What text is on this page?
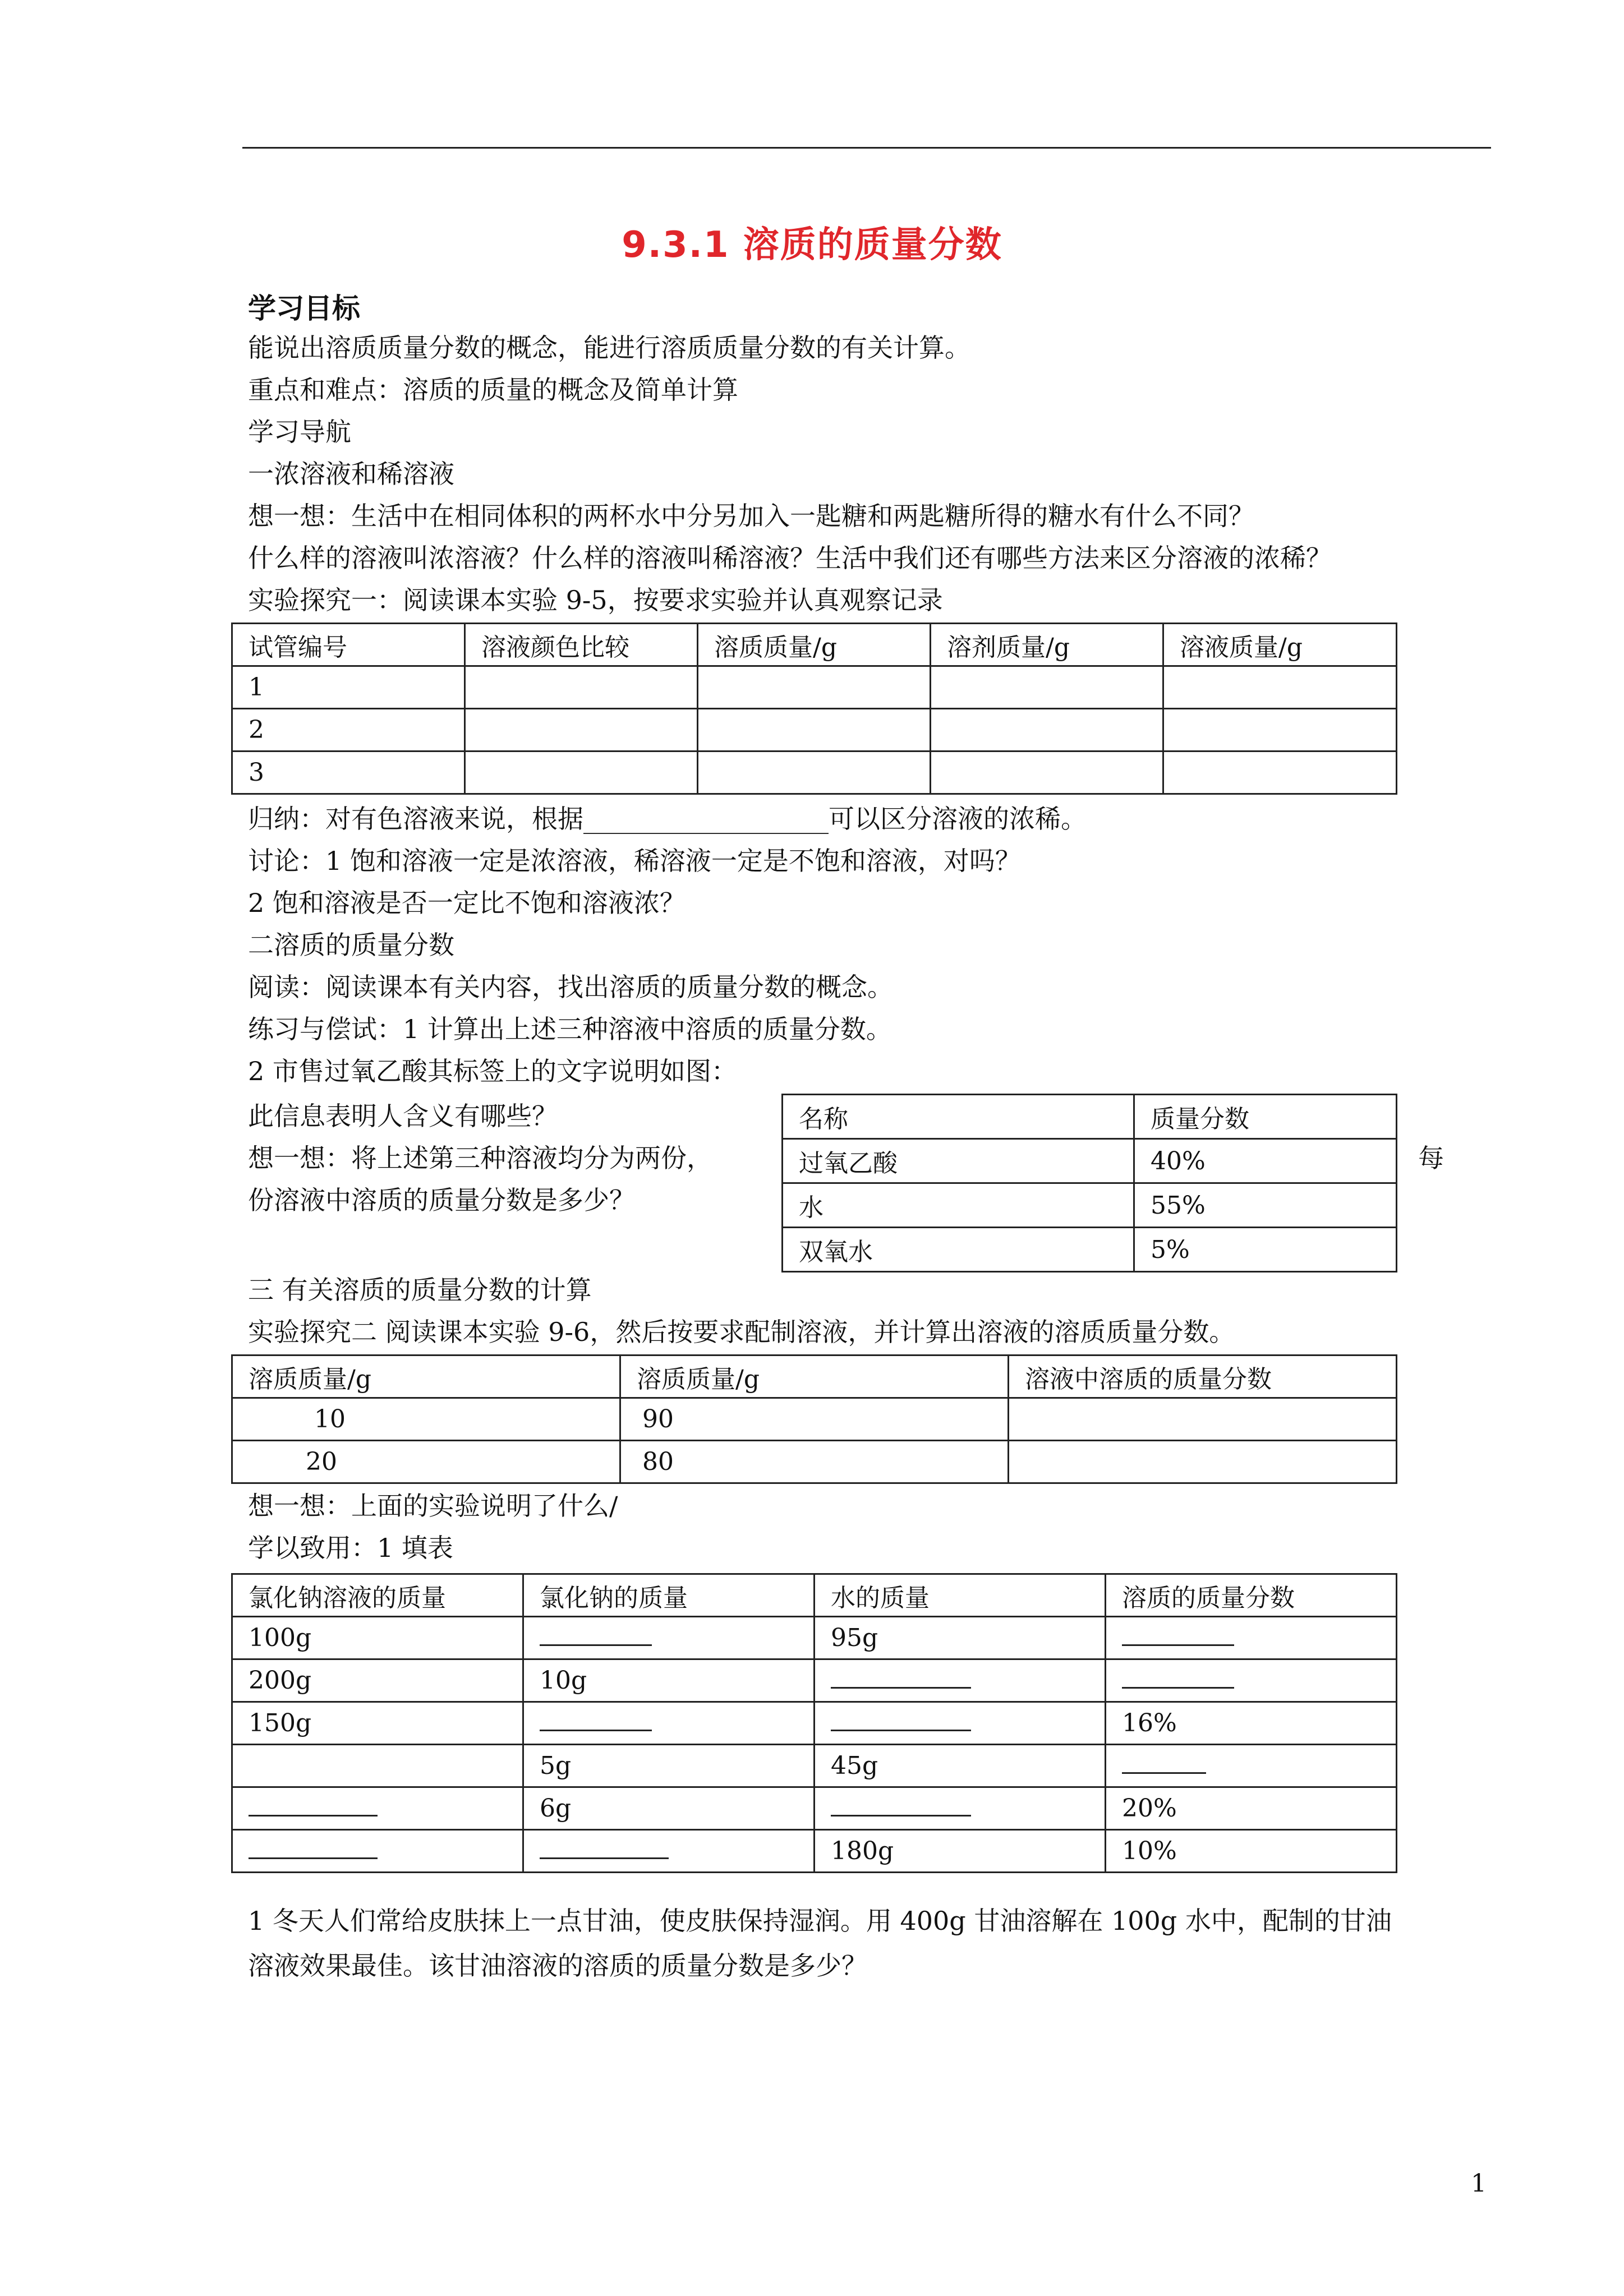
9.3.1 溶质的质量分数
学习目标
能说出溶质质量分数的概念，能进行溶质质量分数的有关计算。
重点和难点：溶质的质量的概念及简单计算
学习导航
一浓溶液和稀溶液
想一想：生活中在相同体积的两杯水中分另加入一匙糖和两匙糖所得的糖水有什么不同？
什么样的溶液叫浓溶液？什么样的溶液叫稀溶液？生活中我们还有哪些方法来区分溶液的浓稀？
实验探究一：阅读课本实验 9-5，按要求实验并认真观察记录
试管编号	溶液颜色比较	溶质质量/g	溶剂质量/g	溶液质量/g
1				
2				
3				
归纳：对有色溶液来说，根据___________________可以区分溶液的浓稀。
讨论：1 饱和溶液一定是浓溶液，稀溶液一定是不饱和溶液，对吗？
2 饱和溶液是否一定比不饱和溶液浓？
二溶质的质量分数
阅读：阅读课本有关内容，找出溶质的质量分数的概念。
练习与偿试：1 计算出上述三种溶液中溶质的质量分数。
2 市售过氧乙酸其标签上的文字说明如图：
此信息表明人含义有哪些？
想一想：将上述第三种溶液均分为两份，
份溶液中溶质的质量分数是多少？
每
名称	质量分数
过氧乙酸	40%
水	55%
双氧水	5%
三 有关溶质的质量分数的计算
实验探究二 阅读课本实验 9-6，然后按要求配制溶液，并计算出溶液的溶质质量分数。
溶质质量/g	溶质质量/g	溶液中溶质的质量分数
10	90	
20	80	
想一想：上面的实验说明了什么/
学以致用：1 填表
氯化钠溶液的质量	氯化钠的质量	水的质量	溶质的质量分数
100g		95g	
200g	10g		
150g			16%
	5g	45g	
	6g		20%
		180g	10%
1 冬天人们常给皮肤抹上一点甘油，使皮肤保持湿润。用 400g 甘油溶解在 100g 水中，配制的甘油
溶液效果最佳。该甘油溶液的溶质的质量分数是多少？
1
